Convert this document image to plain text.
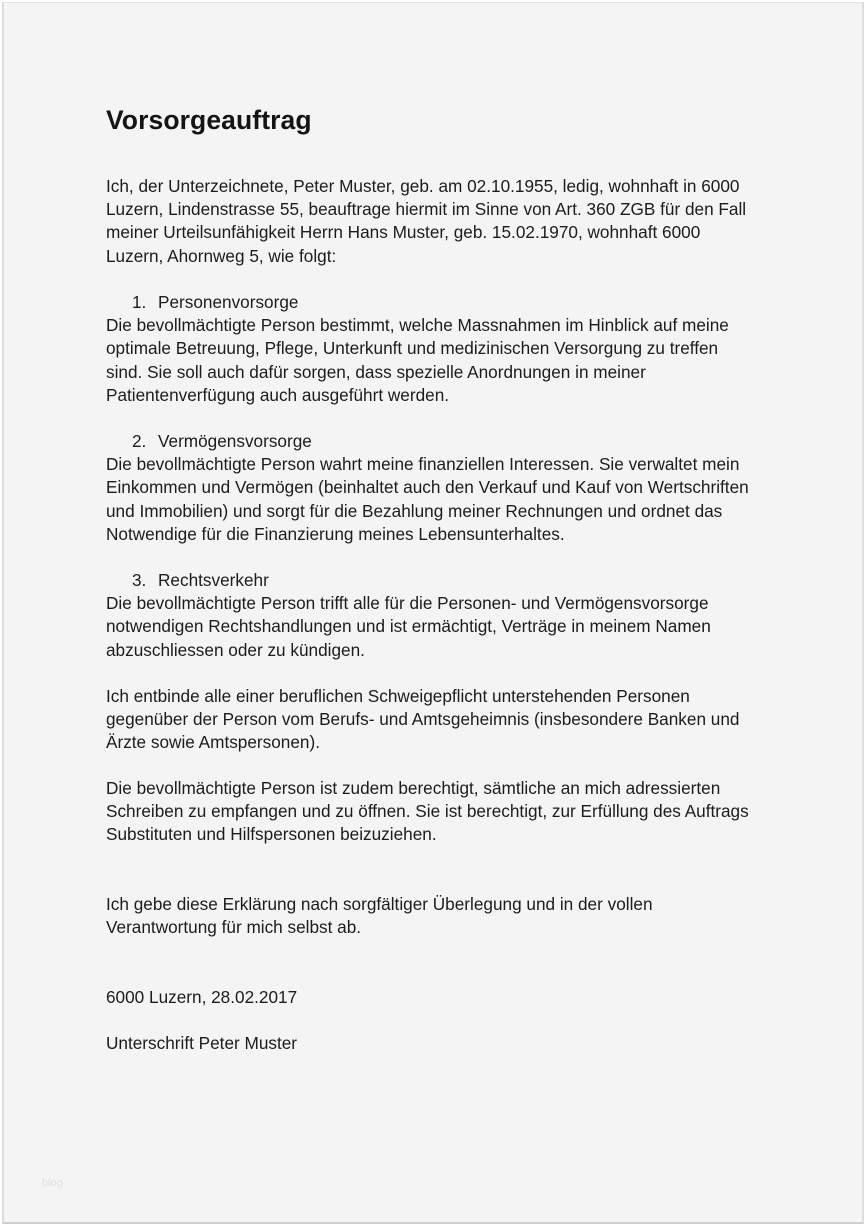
Vorsorgeauftrag
Ich, der Unterzeichnete, Peter Muster, geb. am 02.10.1955, ledig, wohnhaft in 6000
Luzern, Lindenstrasse 55, beauftrage hiermit im Sinne von Art. 360 ZGB für den Fall
meiner Urteilsunfähigkeit Herrn Hans Muster, geb. 15.02.1970, wohnhaft 6000
Luzern, Ahornweg 5, wie folgt:
1. Personenvorsorge
Die bevollmächtigte Person bestimmt, welche Massnahmen im Hinblick auf meine
optimale Betreuung, Pflege, Unterkunft und medizinischen Versorgung zu treffen
sind. Sie soll auch dafür sorgen, dass spezielle Anordnungen in meiner
Patientenverfügung auch ausgeführt werden.
2. Vermögensvorsorge
Die bevollmächtigte Person wahrt meine finanziellen Interessen. Sie verwaltet mein
Einkommen und Vermögen (beinhaltet auch den Verkauf und Kauf von Wertschriften
und Immobilien) und sorgt für die Bezahlung meiner Rechnungen und ordnet das
Notwendige für die Finanzierung meines Lebensunterhaltes.
3. Rechtsverkehr
Die bevollmächtigte Person trifft alle für die Personen- und Vermögensvorsorge
notwendigen Rechtshandlungen und ist ermächtigt, Verträge in meinem Namen
abzuschliessen oder zu kündigen.
Ich entbinde alle einer beruflichen Schweigepflicht unterstehenden Personen
gegenüber der Person vom Berufs- und Amtsgeheimnis (insbesondere Banken und
Ärzte sowie Amtspersonen).
Die bevollmächtigte Person ist zudem berechtigt, sämtliche an mich adressierten
Schreiben zu empfangen und zu öffnen. Sie ist berechtigt, zur Erfüllung des Auftrags
Substituten und Hilfspersonen beizuziehen.
Ich gebe diese Erklärung nach sorgfältiger Überlegung und in der vollen
Verantwortung für mich selbst ab.
6000 Luzern, 28.02.2017
Unterschrift Peter Muster
blog
